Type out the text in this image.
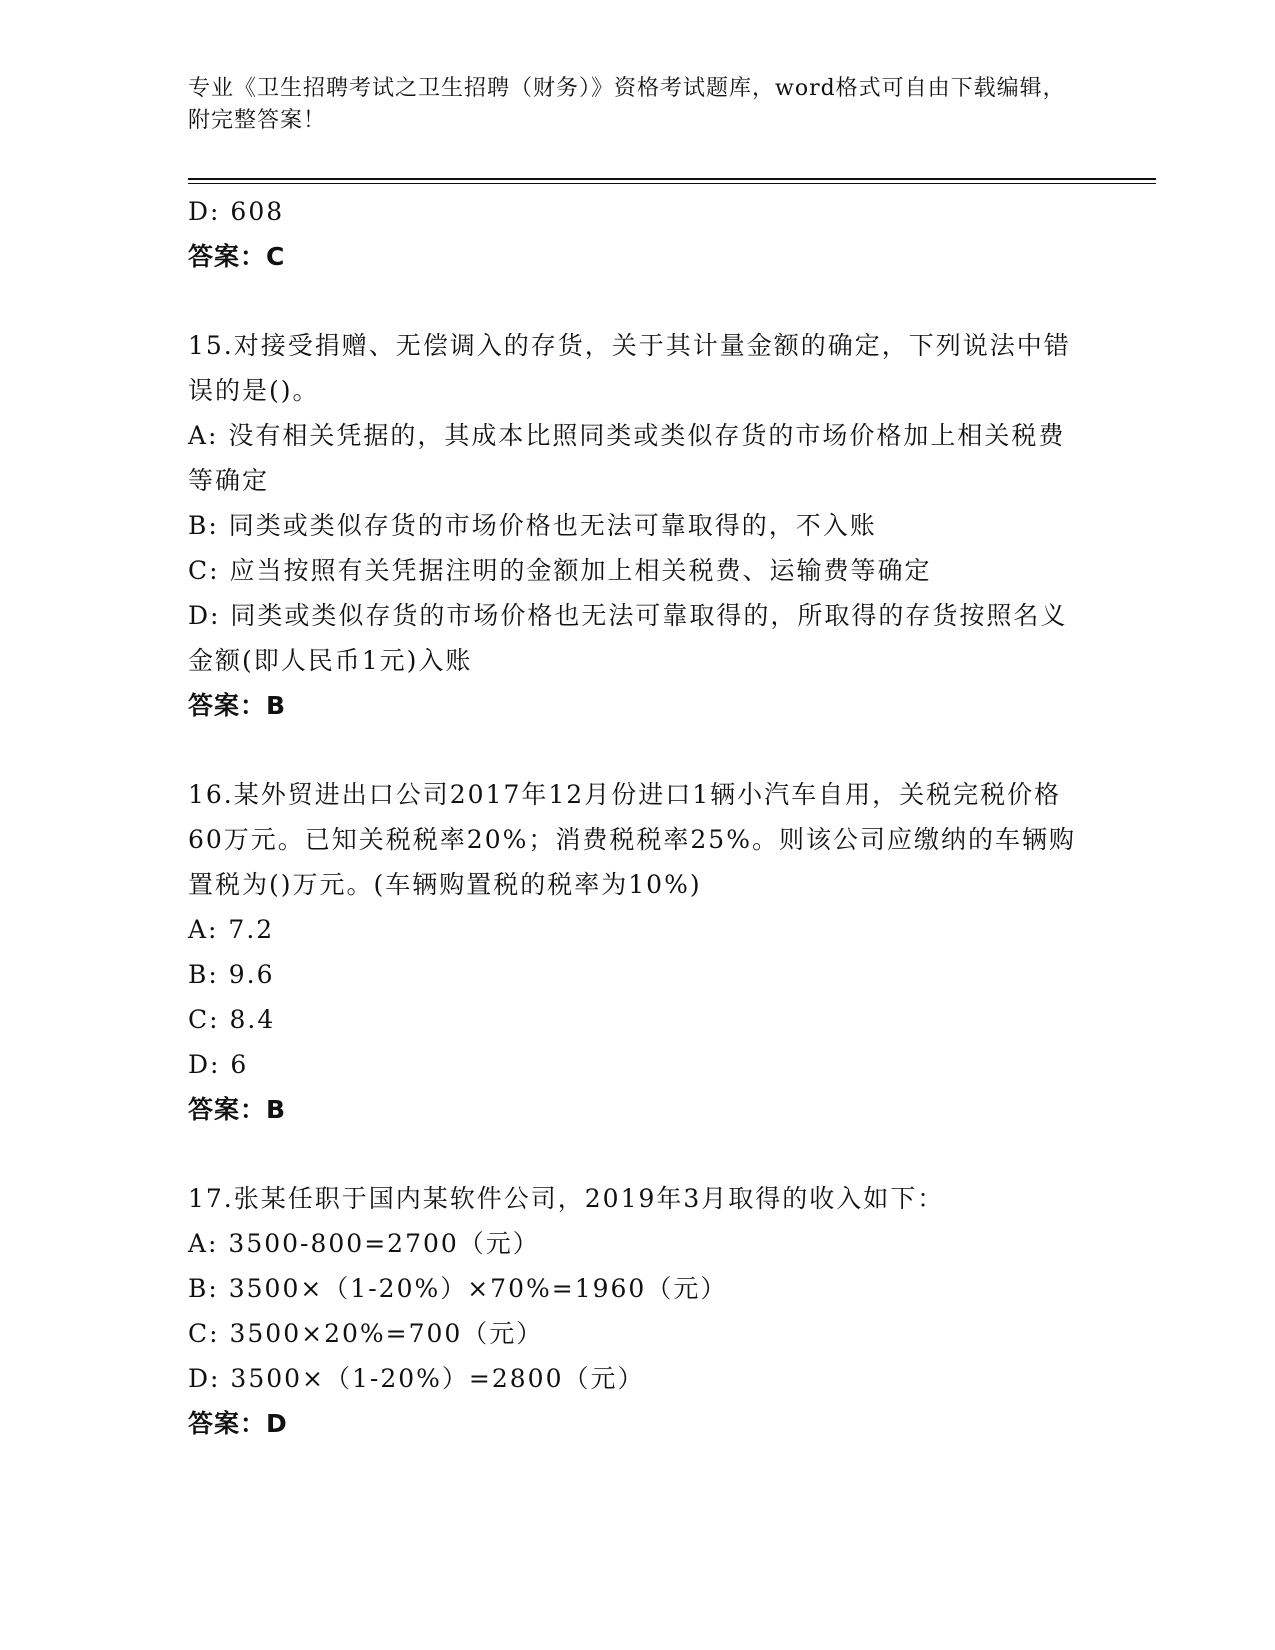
专业《卫生招聘考试之卫生招聘（财务）》资格考试题库，word格式可自由下载编辑，附完整答案！
D: 608
答案：C
15.对接受捐赠、无偿调入的存货，关于其计量金额的确定，下列说法中错误的是()。
A: 没有相关凭据的，其成本比照同类或类似存货的市场价格加上相关税费等确定
B: 同类或类似存货的市场价格也无法可靠取得的，不入账
C: 应当按照有关凭据注明的金额加上相关税费、运输费等确定
D: 同类或类似存货的市场价格也无法可靠取得的，所取得的存货按照名义金额(即人民币1元)入账
答案：B
16.某外贸进出口公司2017年12月份进口1辆小汽车自用，关税完税价格60万元。已知关税税率20%；消费税税率25%。则该公司应缴纳的车辆购置税为()万元。(车辆购置税的税率为10%)
A: 7.2
B: 9.6
C: 8.4
D: 6
答案：B
17.张某任职于国内某软件公司，2019年3月取得的收入如下：
A: 3500-800=2700（元）
B: 3500×（1-20%）×70%=1960（元）
C: 3500×20%=700（元）
D: 3500×（1-20%）=2800（元）
答案：D
